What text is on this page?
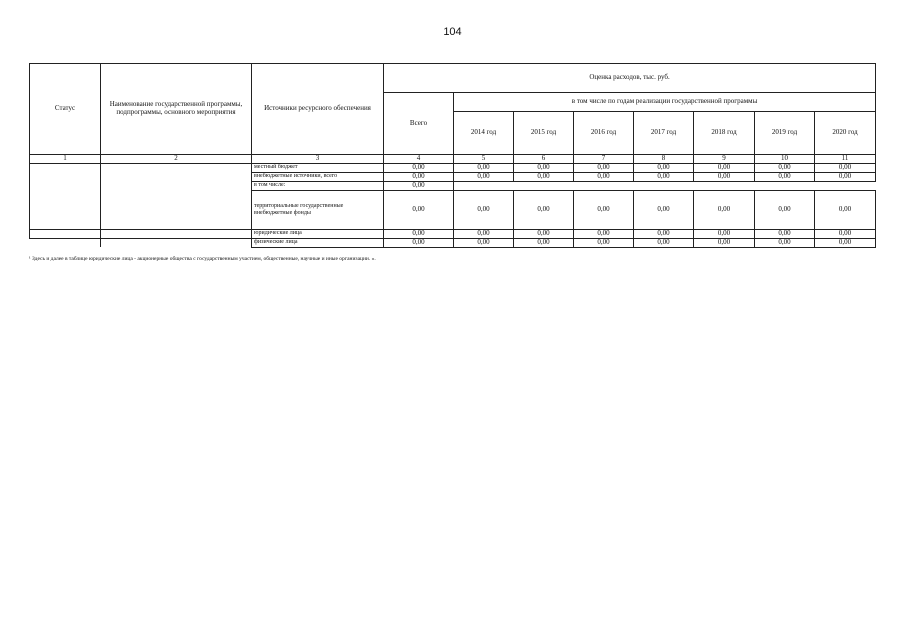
104
Статус	Наименование государственной программы, подпрограммы, основного мероприятия	Источники ресурсного обеспечения	Оценка расходов, тыс. руб.							
			Всего	в том числе по годам реализации государственной программы						
				2014 год	2015 год	2016 год	2017 год	2018 год	2019 год	2020 год
1	2	3	4	5	6	7	8	9	10	11
		местный бюджет	0,00	0,00	0,00	0,00	0,00	0,00	0,00	0,00
		внебюджетные источники, всего	0,00	0,00	0,00	0,00	0,00	0,00	0,00	0,00
		в том числе:	0,00							
		территориальные государственные внебюджетные фонды	0,00	0,00	0,00	0,00	0,00	0,00	0,00	0,00
		юридические лица	0,00	0,00	0,00	0,00	0,00	0,00	0,00	0,00
		физические лица	0,00	0,00	0,00	0,00	0,00	0,00	0,00	0,00
¹ Здесь и далее в таблице юридические лица - акционерные общества с государственным участием, общественные, научные и иные организации. ».
